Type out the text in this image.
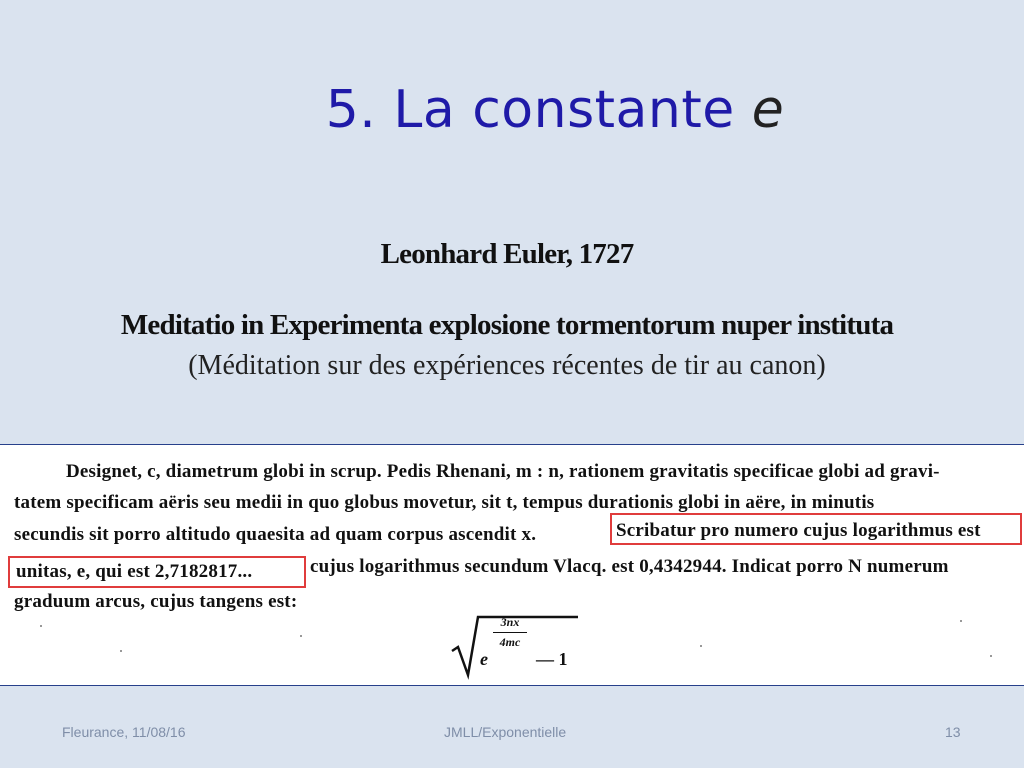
5. La constante e
Leonhard Euler, 1727
Meditatio in Experimenta explosione tormentorum nuper instituta
(Méditation sur des expériences récentes de tir au canon)
Designet, c, diametrum globi in scrup. Pedis Rhenani, m : n, rationem gravitatis specificae globi ad gravi-
tatem specificam aëris seu medii in quo globus movetur, sit t, tempus durationis globi in aëre, in minutis
secundis sit porro altitudo quaesita ad quam corpus ascendit x.	Scribatur pro numero cujus logarithmus est
unitas, e, qui est 2,7182817...	cujus logarithmus secundum Vlacq. est 0,4342944. Indicat porro N numerum
graduum arcus, cujus tangens est:
e
3nx
4mc
— 1
Fleurance, 11/08/16	JMLL/Exponentielle	13
